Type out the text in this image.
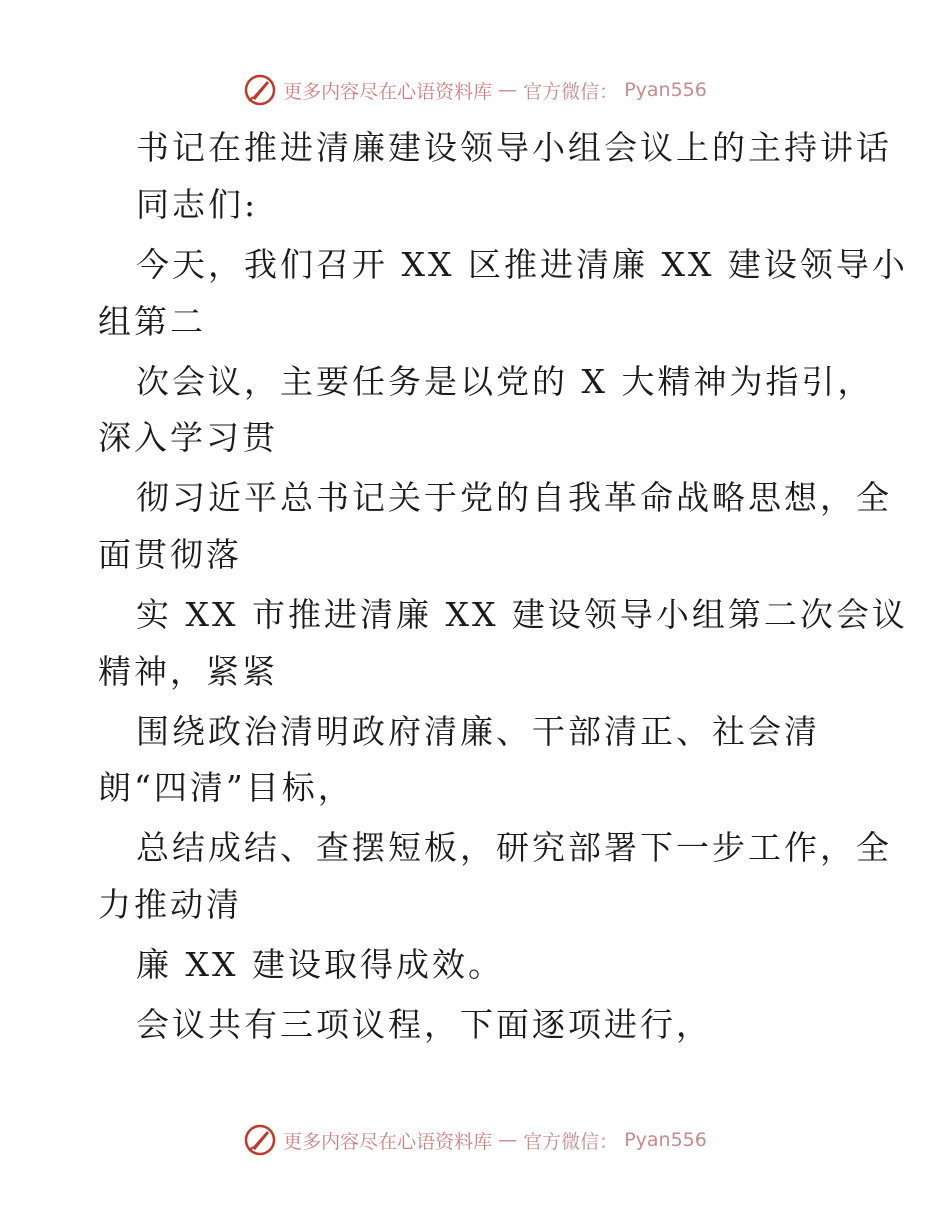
更多内容尽在心语资料库 — 官方微信： Pyan556
书记在推进清廉建设领导小组会议上的主持讲话
同志们:
今天，我们召开 XX 区推进清廉 XX 建设领导小
组第二
次会议，主要任务是以党的 X 大精神为指引，
深入学习贯
彻习近平总书记关于党的自我革命战略思想，全
面贯彻落
实 XX 市推进清廉 XX 建设领导小组第二次会议
精神，紧紧
围绕政治清明政府清廉、干部清正、社会清
朗“四清”目标，
总结成结、查摆短板，研究部署下一步工作，全
力推动清
廉 XX 建设取得成效。
会议共有三项议程，下面逐项进行，
更多内容尽在心语资料库 — 官方微信： Pyan556
